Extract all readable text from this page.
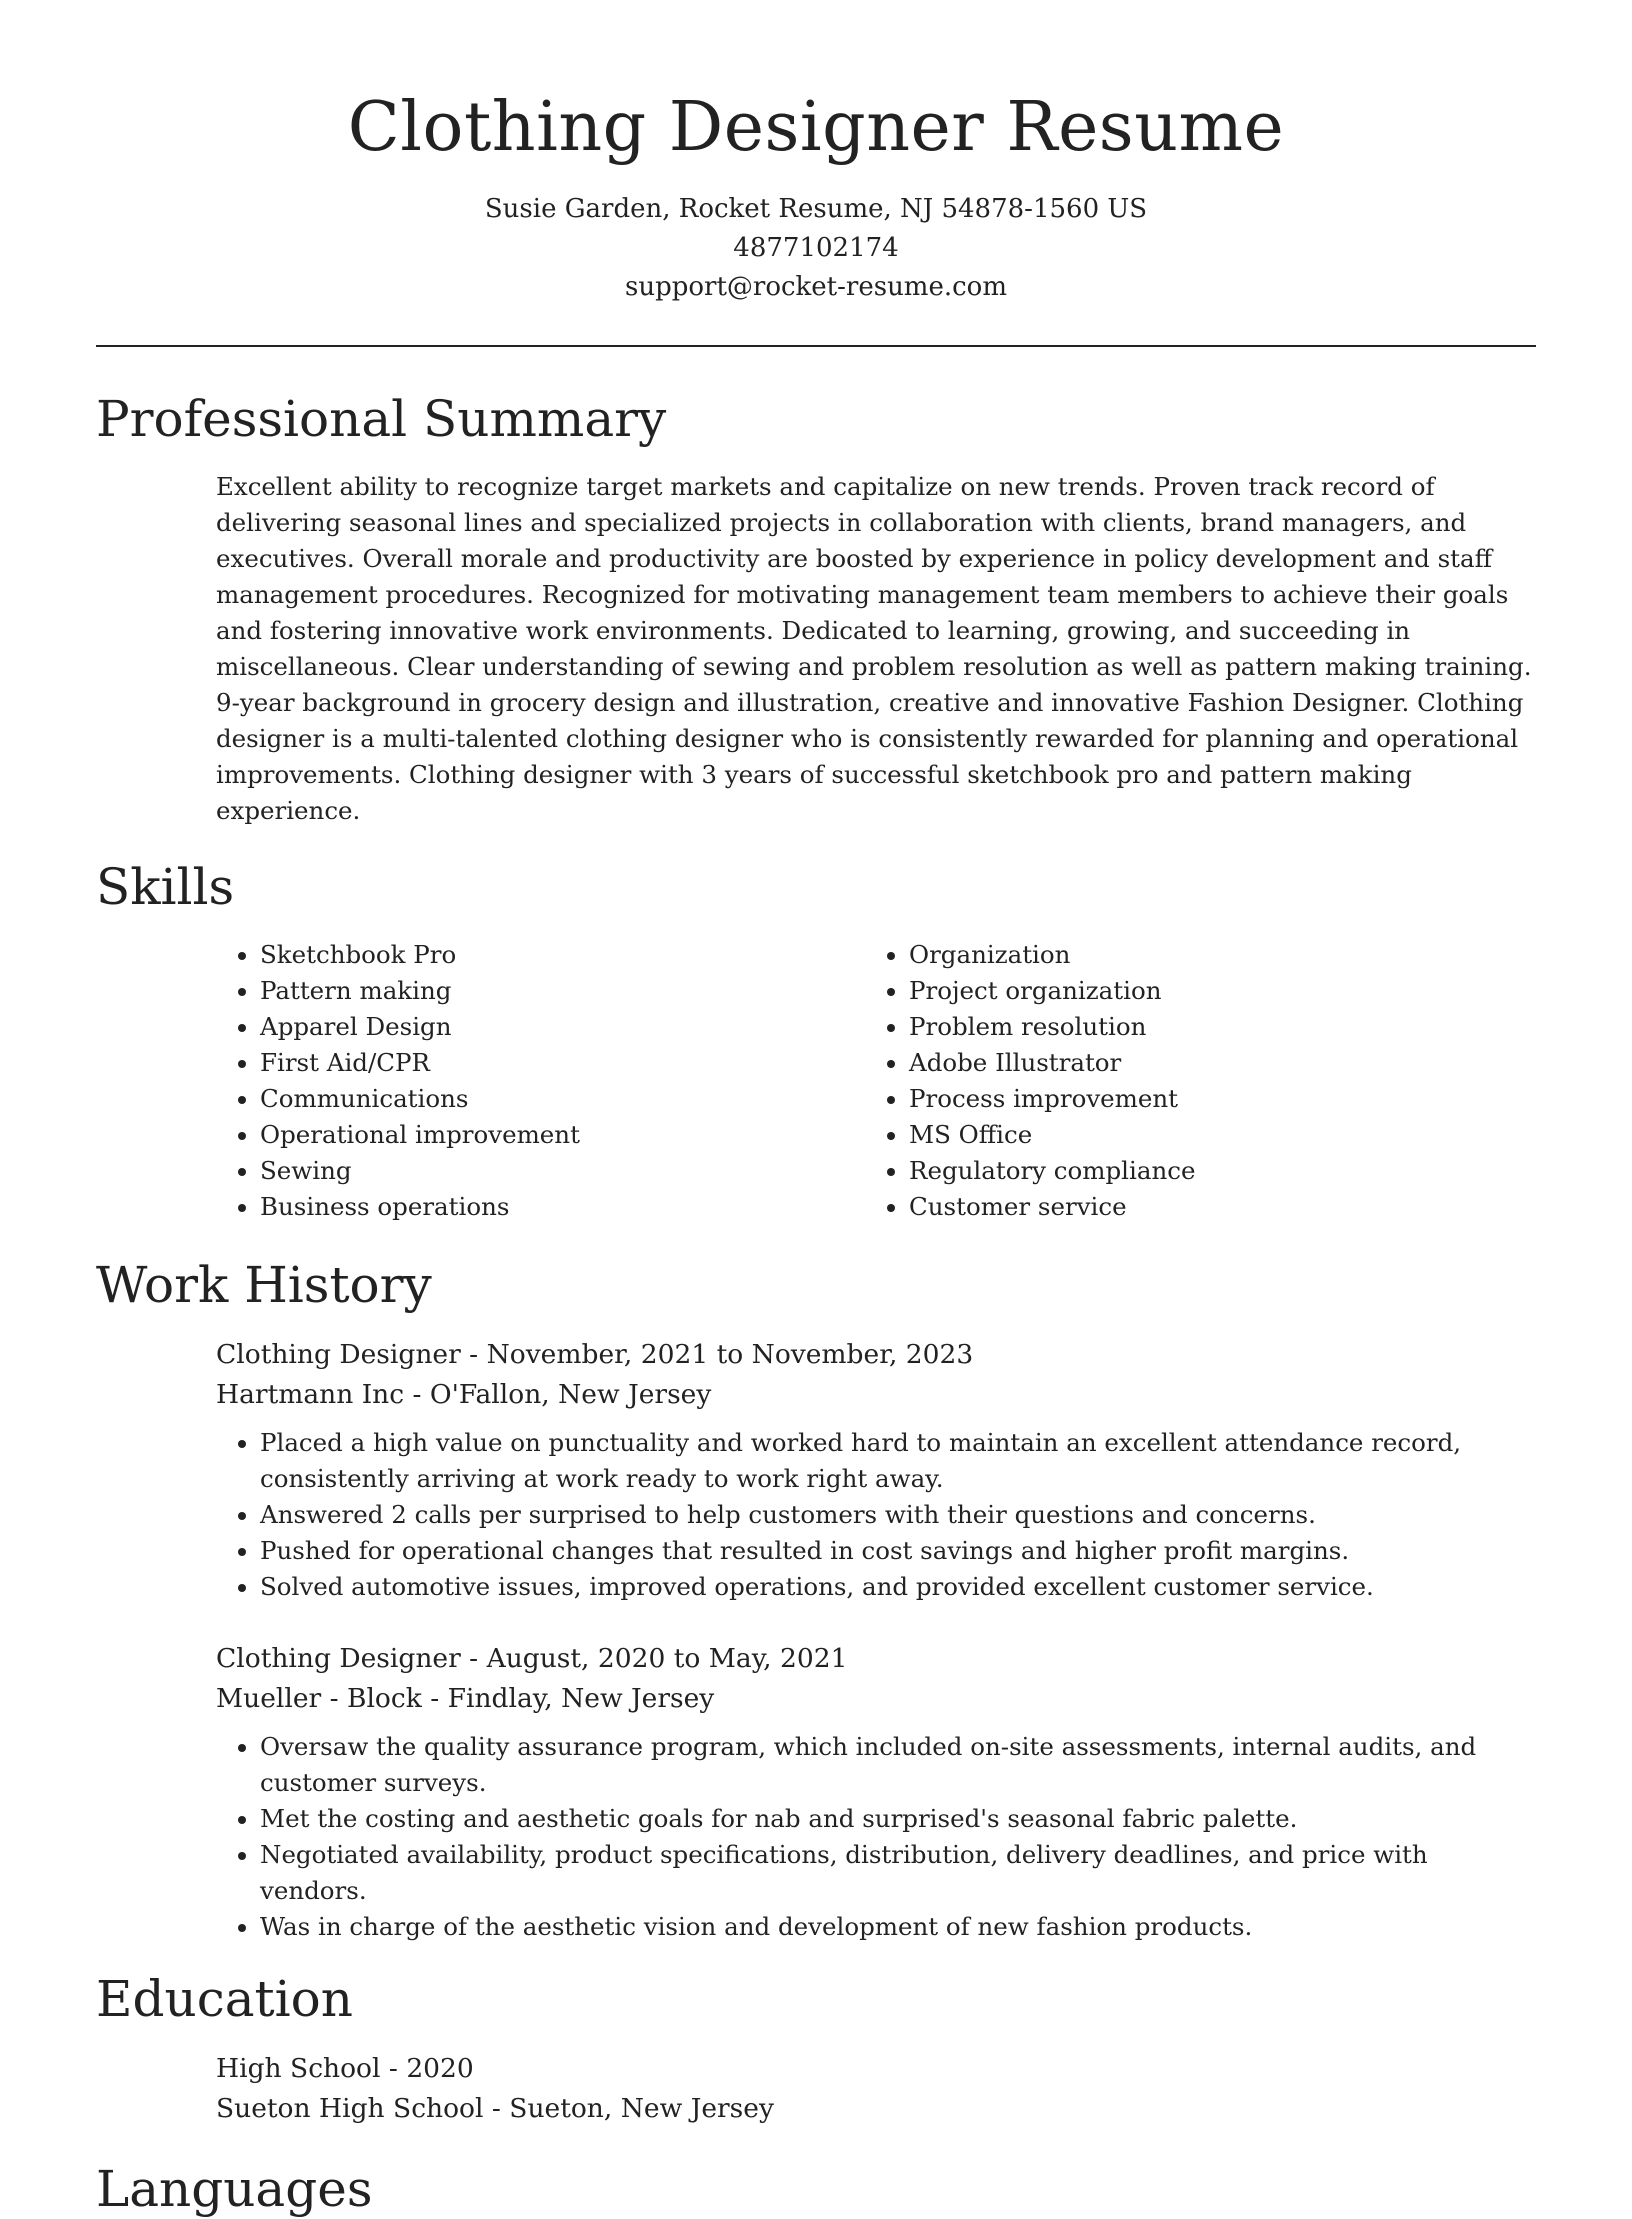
Clothing Designer Resume
Susie Garden, Rocket Resume, NJ 54878-1560 US
4877102174
support@rocket-resume.com
Professional Summary

Excellent ability to recognize target markets and capitalize on new trends. Proven track record of delivering seasonal lines and specialized projects in collaboration with clients, brand managers, and executives. Overall morale and productivity are boosted by experience in policy development and staff management procedures. Recognized for motivating management team members to achieve their goals and fostering innovative work environments. Dedicated to learning, growing, and succeeding in miscellaneous. Clear understanding of sewing and problem resolution as well as pattern making training. 9-year background in grocery design and illustration, creative and innovative Fashion Designer. Clothing designer is a multi-talented clothing designer who is consistently rewarded for planning and operational improvements. Clothing designer with 3 years of successful sketchbook pro and pattern making experience.

Skills
• Sketchbook Pro
• Pattern making
• Apparel Design
• First Aid/CPR
• Communications
• Operational improvement
• Sewing
• Business operations
• Organization
• Project organization
• Problem resolution
• Adobe Illustrator
• Process improvement
• MS Office
• Regulatory compliance
• Customer service
Work History
Clothing Designer - November, 2021 to November, 2023
Hartmann Inc - O'Fallon, New Jersey
• Placed a high value on punctuality and worked hard to maintain an excellent attendance record, consistently arriving at work ready to work right away.
• Answered 2 calls per surprised to help customers with their questions and concerns.
• Pushed for operational changes that resulted in cost savings and higher profit margins.
• Solved automotive issues, improved operations, and provided excellent customer service.
Clothing Designer - August, 2020 to May, 2021
Mueller - Block - Findlay, New Jersey
• Oversaw the quality assurance program, which included on-site assessments, internal audits, and customer surveys.
• Met the costing and aesthetic goals for nab and surprised's seasonal fabric palette.
• Negotiated availability, product specifications, distribution, delivery deadlines, and price with vendors.
• Was in charge of the aesthetic vision and development of new fashion products.
Education
High School - 2020
Sueton High School - Sueton, New Jersey
Languages
